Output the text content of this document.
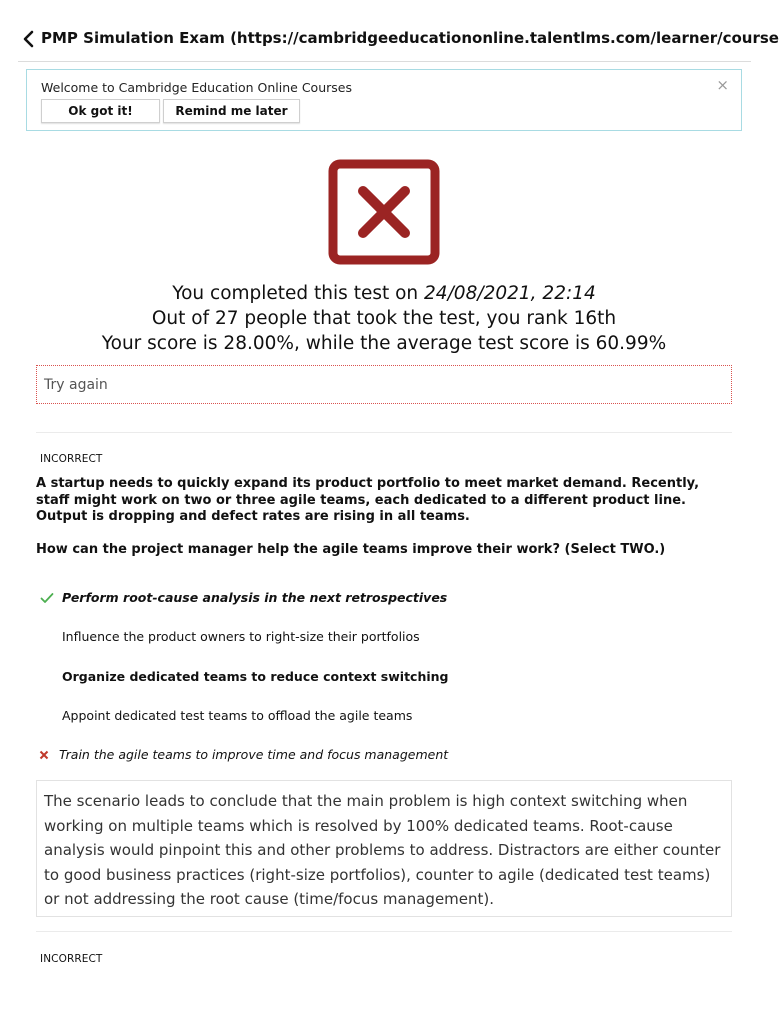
PMP Simulation Exam (https://cambridgeeducationonline.talentlms.com/learner/course
Welcome to Cambridge Education Online Courses	×
Ok got it!	Remind me later
You completed this test on 24/08/2021, 22:14
Out of 27 people that took the test, you rank 16th
Your score is 28.00%, while the average test score is 60.99%
Try again
INCORRECT
A startup needs to quickly expand its product portfolio to meet market demand. Recently, staff might work on two or three agile teams, each dedicated to a different product line. Output is dropping and defect rates are rising in all teams.
How can the project manager help the agile teams improve their work? (Select TWO.)
Perform root-cause analysis in the next retrospectives
Influence the product owners to right-size their portfolios
Organize dedicated teams to reduce context switching
Appoint dedicated test teams to offload the agile teams
Train the agile teams to improve time and focus management
The scenario leads to conclude that the main problem is high context switching when working on multiple teams which is resolved by 100% dedicated teams. Root-cause analysis would pinpoint this and other problems to address. Distractors are either counter to good business practices (right-size portfolios), counter to agile (dedicated test teams) or not addressing the root cause (time/focus management).
INCORRECT
